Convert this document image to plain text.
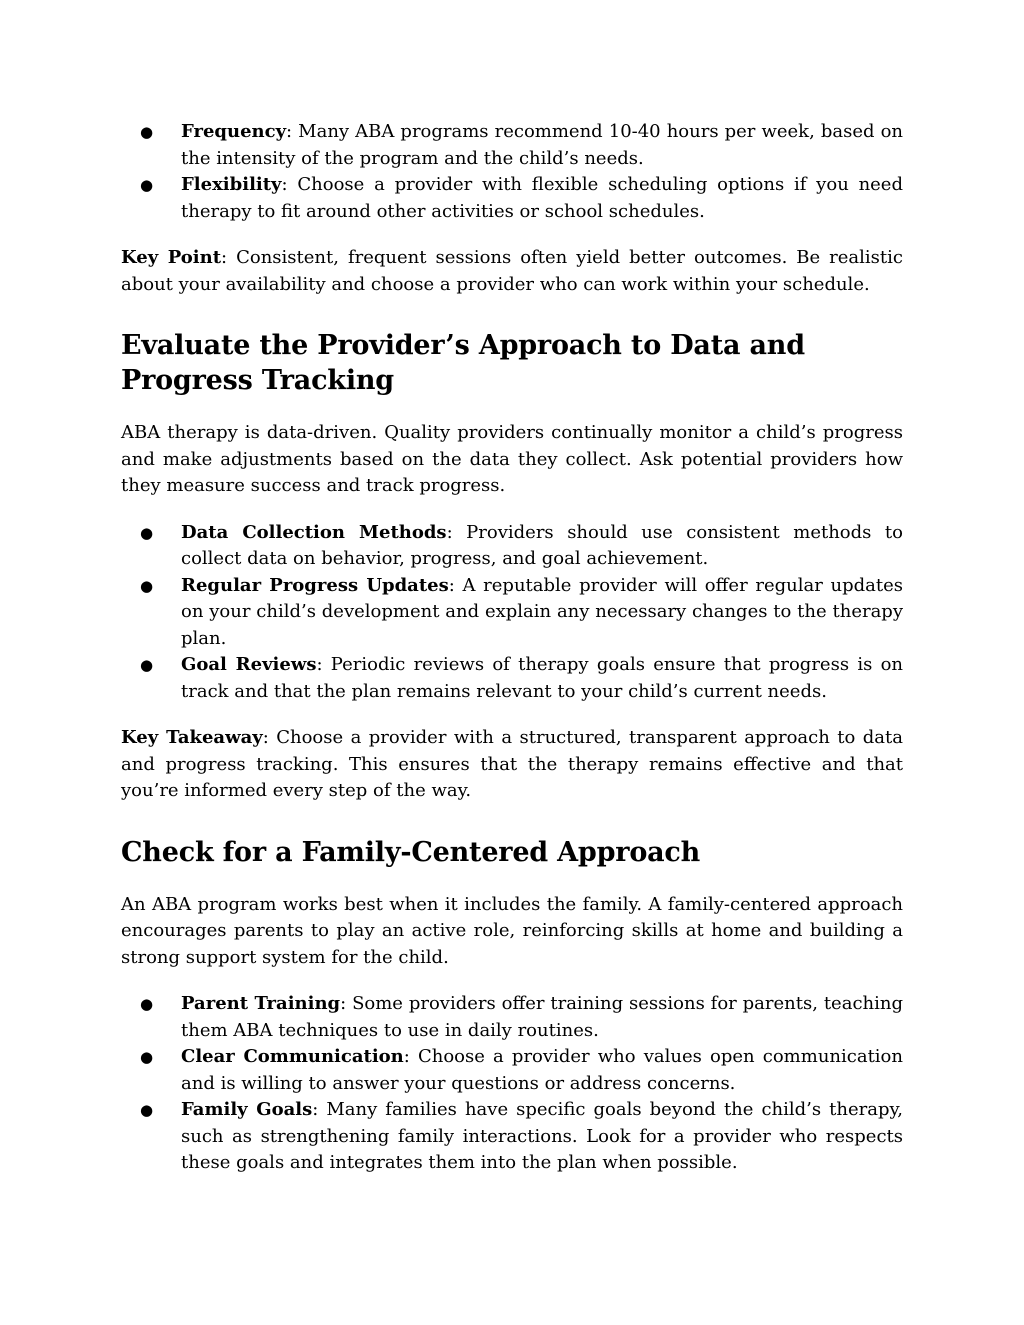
● Frequency: Many ABA programs recommend 10-40 hours per week, based on the intensity of the program and the child’s needs.
● Flexibility: Choose a provider with flexible scheduling options if you need therapy to fit around other activities or school schedules.

Key Point: Consistent, frequent sessions often yield better outcomes. Be realistic about your availability and choose a provider who can work within your schedule.

Evaluate the Provider’s Approach to Data and Progress Tracking

ABA therapy is data-driven. Quality providers continually monitor a child’s progress and make adjustments based on the data they collect. Ask potential providers how they measure success and track progress.

● Data Collection Methods: Providers should use consistent methods to collect data on behavior, progress, and goal achievement.
● Regular Progress Updates: A reputable provider will offer regular updates on your child’s development and explain any necessary changes to the therapy plan.
● Goal Reviews: Periodic reviews of therapy goals ensure that progress is on track and that the plan remains relevant to your child’s current needs.

Key Takeaway: Choose a provider with a structured, transparent approach to data and progress tracking. This ensures that the therapy remains effective and that you’re informed every step of the way.

Check for a Family-Centered Approach

An ABA program works best when it includes the family. A family-centered approach encourages parents to play an active role, reinforcing skills at home and building a strong support system for the child.

● Parent Training: Some providers offer training sessions for parents, teaching them ABA techniques to use in daily routines.
● Clear Communication: Choose a provider who values open communication and is willing to answer your questions or address concerns.
● Family Goals: Many families have specific goals beyond the child’s therapy, such as strengthening family interactions. Look for a provider who respects these goals and integrates them into the plan when possible.
